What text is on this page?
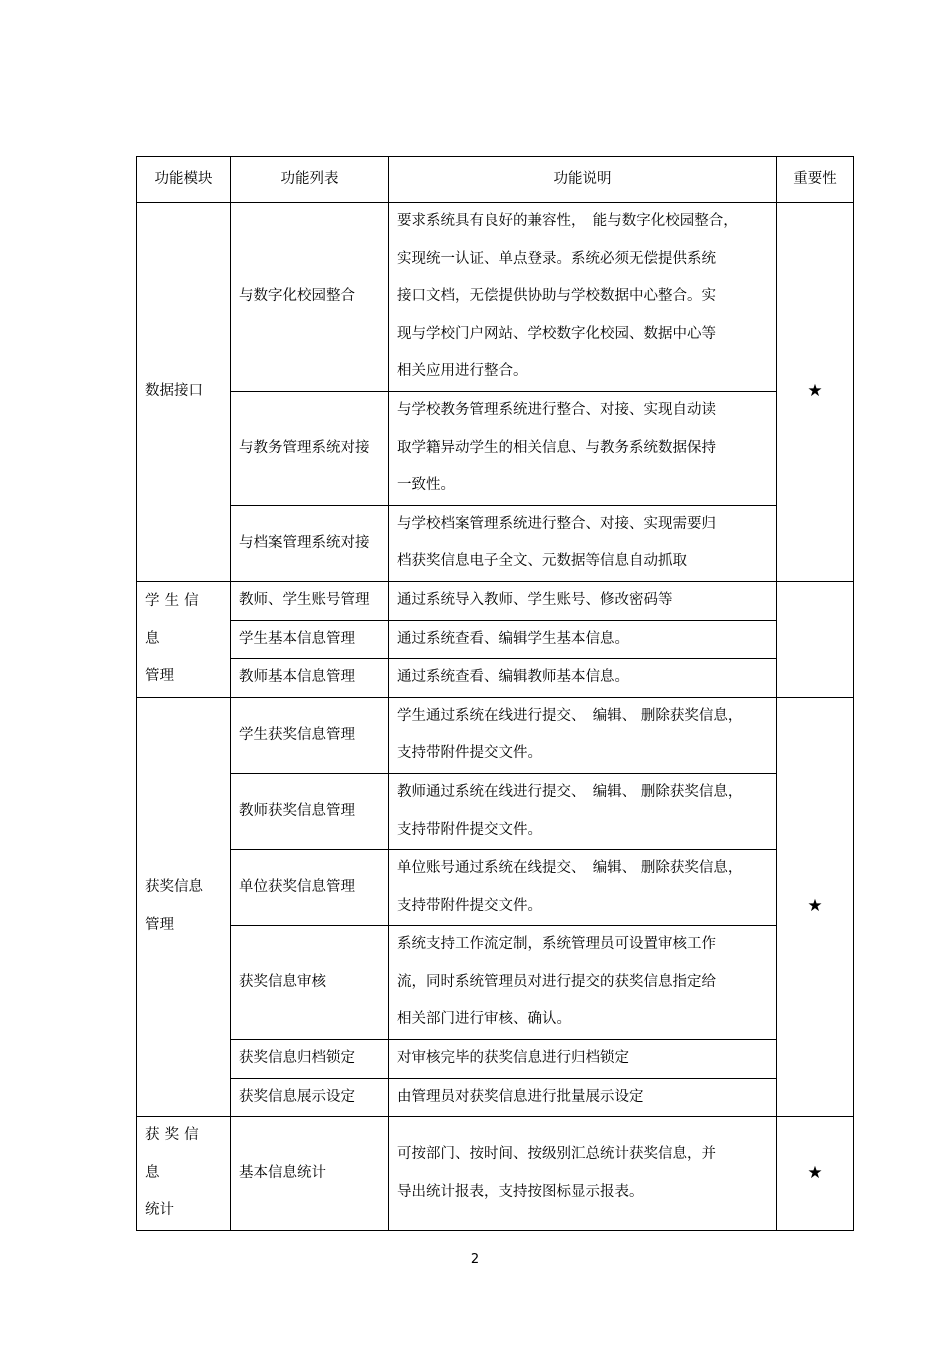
功能模块	功能列表	功能说明	重要性
数据接口	与数字化校园整合	要求系统具有良好的兼容性，　能与数字化校园整合，
实现统一认证、单点登录。系统必须无偿提供系统
接口文档，无偿提供协助与学校数据中心整合。实
现与学校门户网站、学校数字化校园、数据中心等
相关应用进行整合。	★
	与教务管理系统对接	与学校教务管理系统进行整合、对接、实现自动读
取学籍异动学生的相关信息、与教务系统数据保持
一致性。	
	与档案管理系统对接	与学校档案管理系统进行整合、对接、实现需要归
档获奖信息电子全文、元数据等信息自动抓取	
学生信息
管理	教师、学生账号管理	通过系统导入教师、学生账号、修改密码等	
	学生基本信息管理	通过系统查看、编辑学生基本信息。	
	教师基本信息管理	通过系统查看、编辑教师基本信息。	
获奖信息
管理	学生获奖信息管理	学生通过系统在线进行提交、　编辑、 删除获奖信息，
支持带附件提交文件。	★
	教师获奖信息管理	教师通过系统在线进行提交、　编辑、 删除获奖信息，
支持带附件提交文件。	
	单位获奖信息管理	单位账号通过系统在线提交、　编辑、 删除获奖信息，
支持带附件提交文件。	
	获奖信息审核	系统支持工作流定制，系统管理员可设置审核工作
流，同时系统管理员对进行提交的获奖信息指定给
相关部门进行审核、确认。	
	获奖信息归档锁定	对审核完毕的获奖信息进行归档锁定	
	获奖信息展示设定	由管理员对获奖信息进行批量展示设定	
获奖信息
统计	基本信息统计	可按部门、按时间、按级别汇总统计获奖信息，并
导出统计报表，支持按图标显示报表。	★
2
